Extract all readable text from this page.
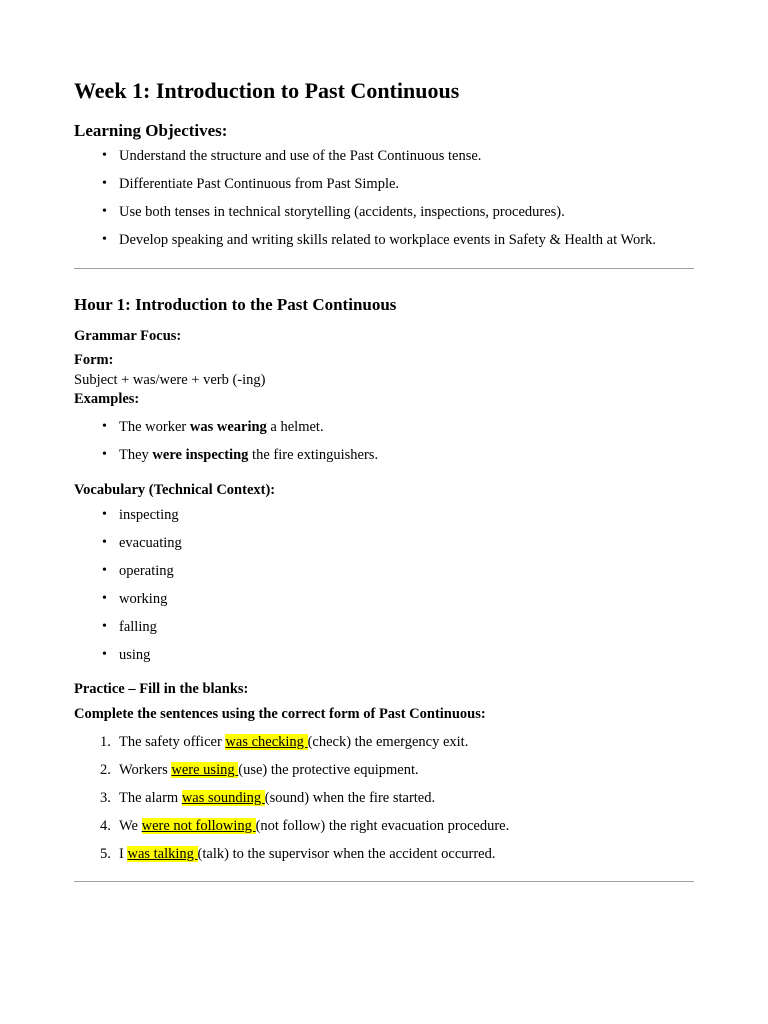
Week 1: Introduction to Past Continuous
Learning Objectives:
• Understand the structure and use of the Past Continuous tense.
• Differentiate Past Continuous from Past Simple.
• Use both tenses in technical storytelling (accidents, inspections, procedures).
• Develop speaking and writing skills related to workplace events in Safety & Health at Work.
Hour 1: Introduction to the Past Continuous
Grammar Focus:
Form:
Subject + was/were + verb (-ing)
Examples:
• The worker was wearing a helmet.
• They were inspecting the fire extinguishers.
Vocabulary (Technical Context):
• inspecting
• evacuating
• operating
• working
• falling
• using
Practice – Fill in the blanks:
Complete the sentences using the correct form of Past Continuous:
1. The safety officer was checking (check) the emergency exit.
2. Workers were using (use) the protective equipment.
3. The alarm was sounding (sound) when the fire started.
4. We were not following (not follow) the right evacuation procedure.
5. I was talking (talk) to the supervisor when the accident occurred.
